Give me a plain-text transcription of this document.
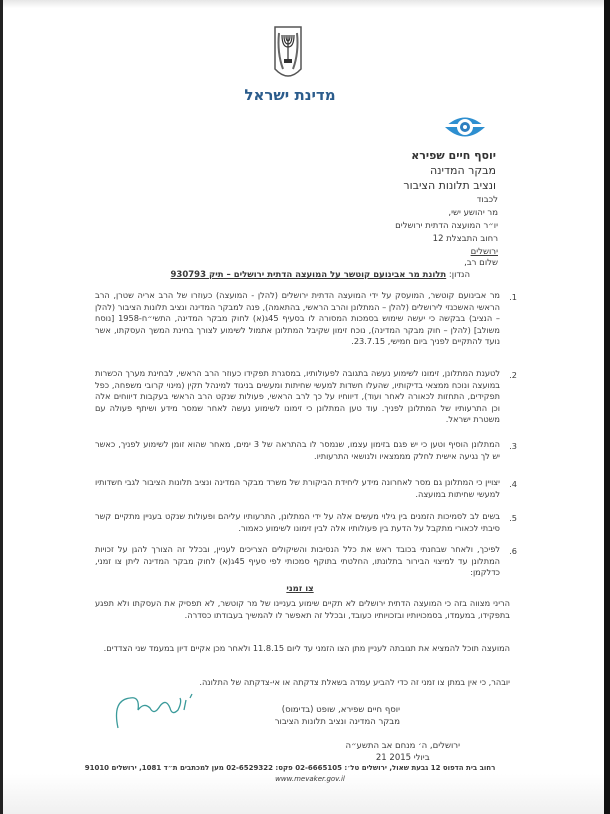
מדינת ישראל
יוסף חיים שפירא
מבקר המדינה
ונציב תלונות הציבור
לכבוד
מר יהושע ישי,
יו״ר המועצה הדתית ירושלים
רחוב התבצלת 12
ירושלים
שלום רב,
הנדון: תלונת מר אבינועם קוטשר על המועצה הדתית ירושלים – תיק 930793
.1
מר אבינועם קוטשר, המועסק על ידי המועצה הדתית ירושלים (להלן - המועצה) כעוזרו של הרב אריה שטרן, הרב הראשי האשכנזי לירושלים (להלן – המתלונן והרב הראשי, בהתאמה), פנה למבקר המדינה ונציב תלונות הציבור (להלן – הנציב) בבקשה כי יעשה שימוש בסמכות המסורה לו בסעיף 45ג(א) לחוק מבקר המדינה, התשי״ח-1958 [נוסח משולב] (להלן – חוק מבקר המדינה), נוכח זימון שקיבל המתלונן אתמול לשימוע לצורך בחינת המשך העסקתו, אשר נועד להתקיים לפניך ביום חמישי, 23.7.15.
.2
לטענת המתלונן, זימונו לשימוע נעשה בתגובה לפעולותיו, במסגרת תפקידו כעוזר הרב הראשי, לבחינת מערך הכשרות במועצה ונוכח ממצאי בדיקותיו, שהעלו חשדות למעשי שחיתות ומעשים בניגוד למינהל תקין (מינוי קרובי משפחה, כפל תפקידים, התחזות לכאורה לאחר ועוד), דיווחיו על כך לרב הראשי, פעולות שנקט הרב הראשי בעקבות דיווחים אלה וכן התרעותיו של המתלונן לפניך. עוד טען המתלונן כי זימונו לשימוע נעשה לאחר שמסר מידע ושיתף פעולה עם משטרת ישראל.
.3
המתלונן הוסיף וטען כי יש פגם בזימון עצמו, שנמסר לו בהתראה של 3 ימים, מאחר שהוא זומן לשימוע לפניך, כאשר יש לך נגיעה אישית לחלק מממצאיו ולנושאי התרעותיו.
.4
יצויין כי המתלונן גם מסר לאחרונה מידע ליחידת הביקורת של משרד מבקר המדינה ונציב תלונות הציבור לגבי חשדותיו למעשי שחיתות במועצה.
.5
בשים לב לסמיכות הזמנים בין גילוי מעשים אלה על ידי המתלונן, התרעותיו עליהם ופעולות שנקט בעניין מתקיים קשר סיבתי לכאורי מתקבל על הדעת בין פעולותיו אלה לבין זימונו לשימוע כאמור.
.6
לפיכך, ולאחר שבחנתי בכובד ראש את כלל הנסיבות והשיקולים הצריכים לעניין, ובכלל זה הצורך להגן על זכויות המתלונן עד למיצוי הבירור בתלונתו, החלטתי בתוקף סמכותי לפי סעיף 45ג(א) לחוק מבקר המדינה ליתן צו זמני, כדלקמן:
צו זמני
הריני מצווה בזה כי המועצה הדתית ירושלים לא תקיים שימוע בעניינו של מר קוטשר, לא תפסיק את העסקתו ולא תפגע בתפקידו, במעמדו, בסמכויותיו ובזכויותיו כעובד, ובכלל זה תאפשר לו להמשיך בעבודתו כסדרה.
המועצה תוכל להמציא את תגובתה לעניין מתן הצו הזמני עד ליום 11.8.15 ולאחר מכן אקיים דיון במעמד שני הצדדים.
יובהר, כי אין במתן צו זמני זה כדי להביע עמדה בשאלת צדקתה או אי-צדקתה של התלונה.
יוסף חיים שפירא, שופט (בדימוס)
מבקר המדינה ונציב תלונות הציבור
ירושלים, ה׳ מנחם אב התשע״ה
21 ביולי 2015
רחוב בית הדפוס 12 גבעת שאול, ירושלים טל׳: 02-6665105 פקס: 02-6529322 מען למכתבים ת״ד 1081, ירושלים 91010
www.mevaker.gov.il
